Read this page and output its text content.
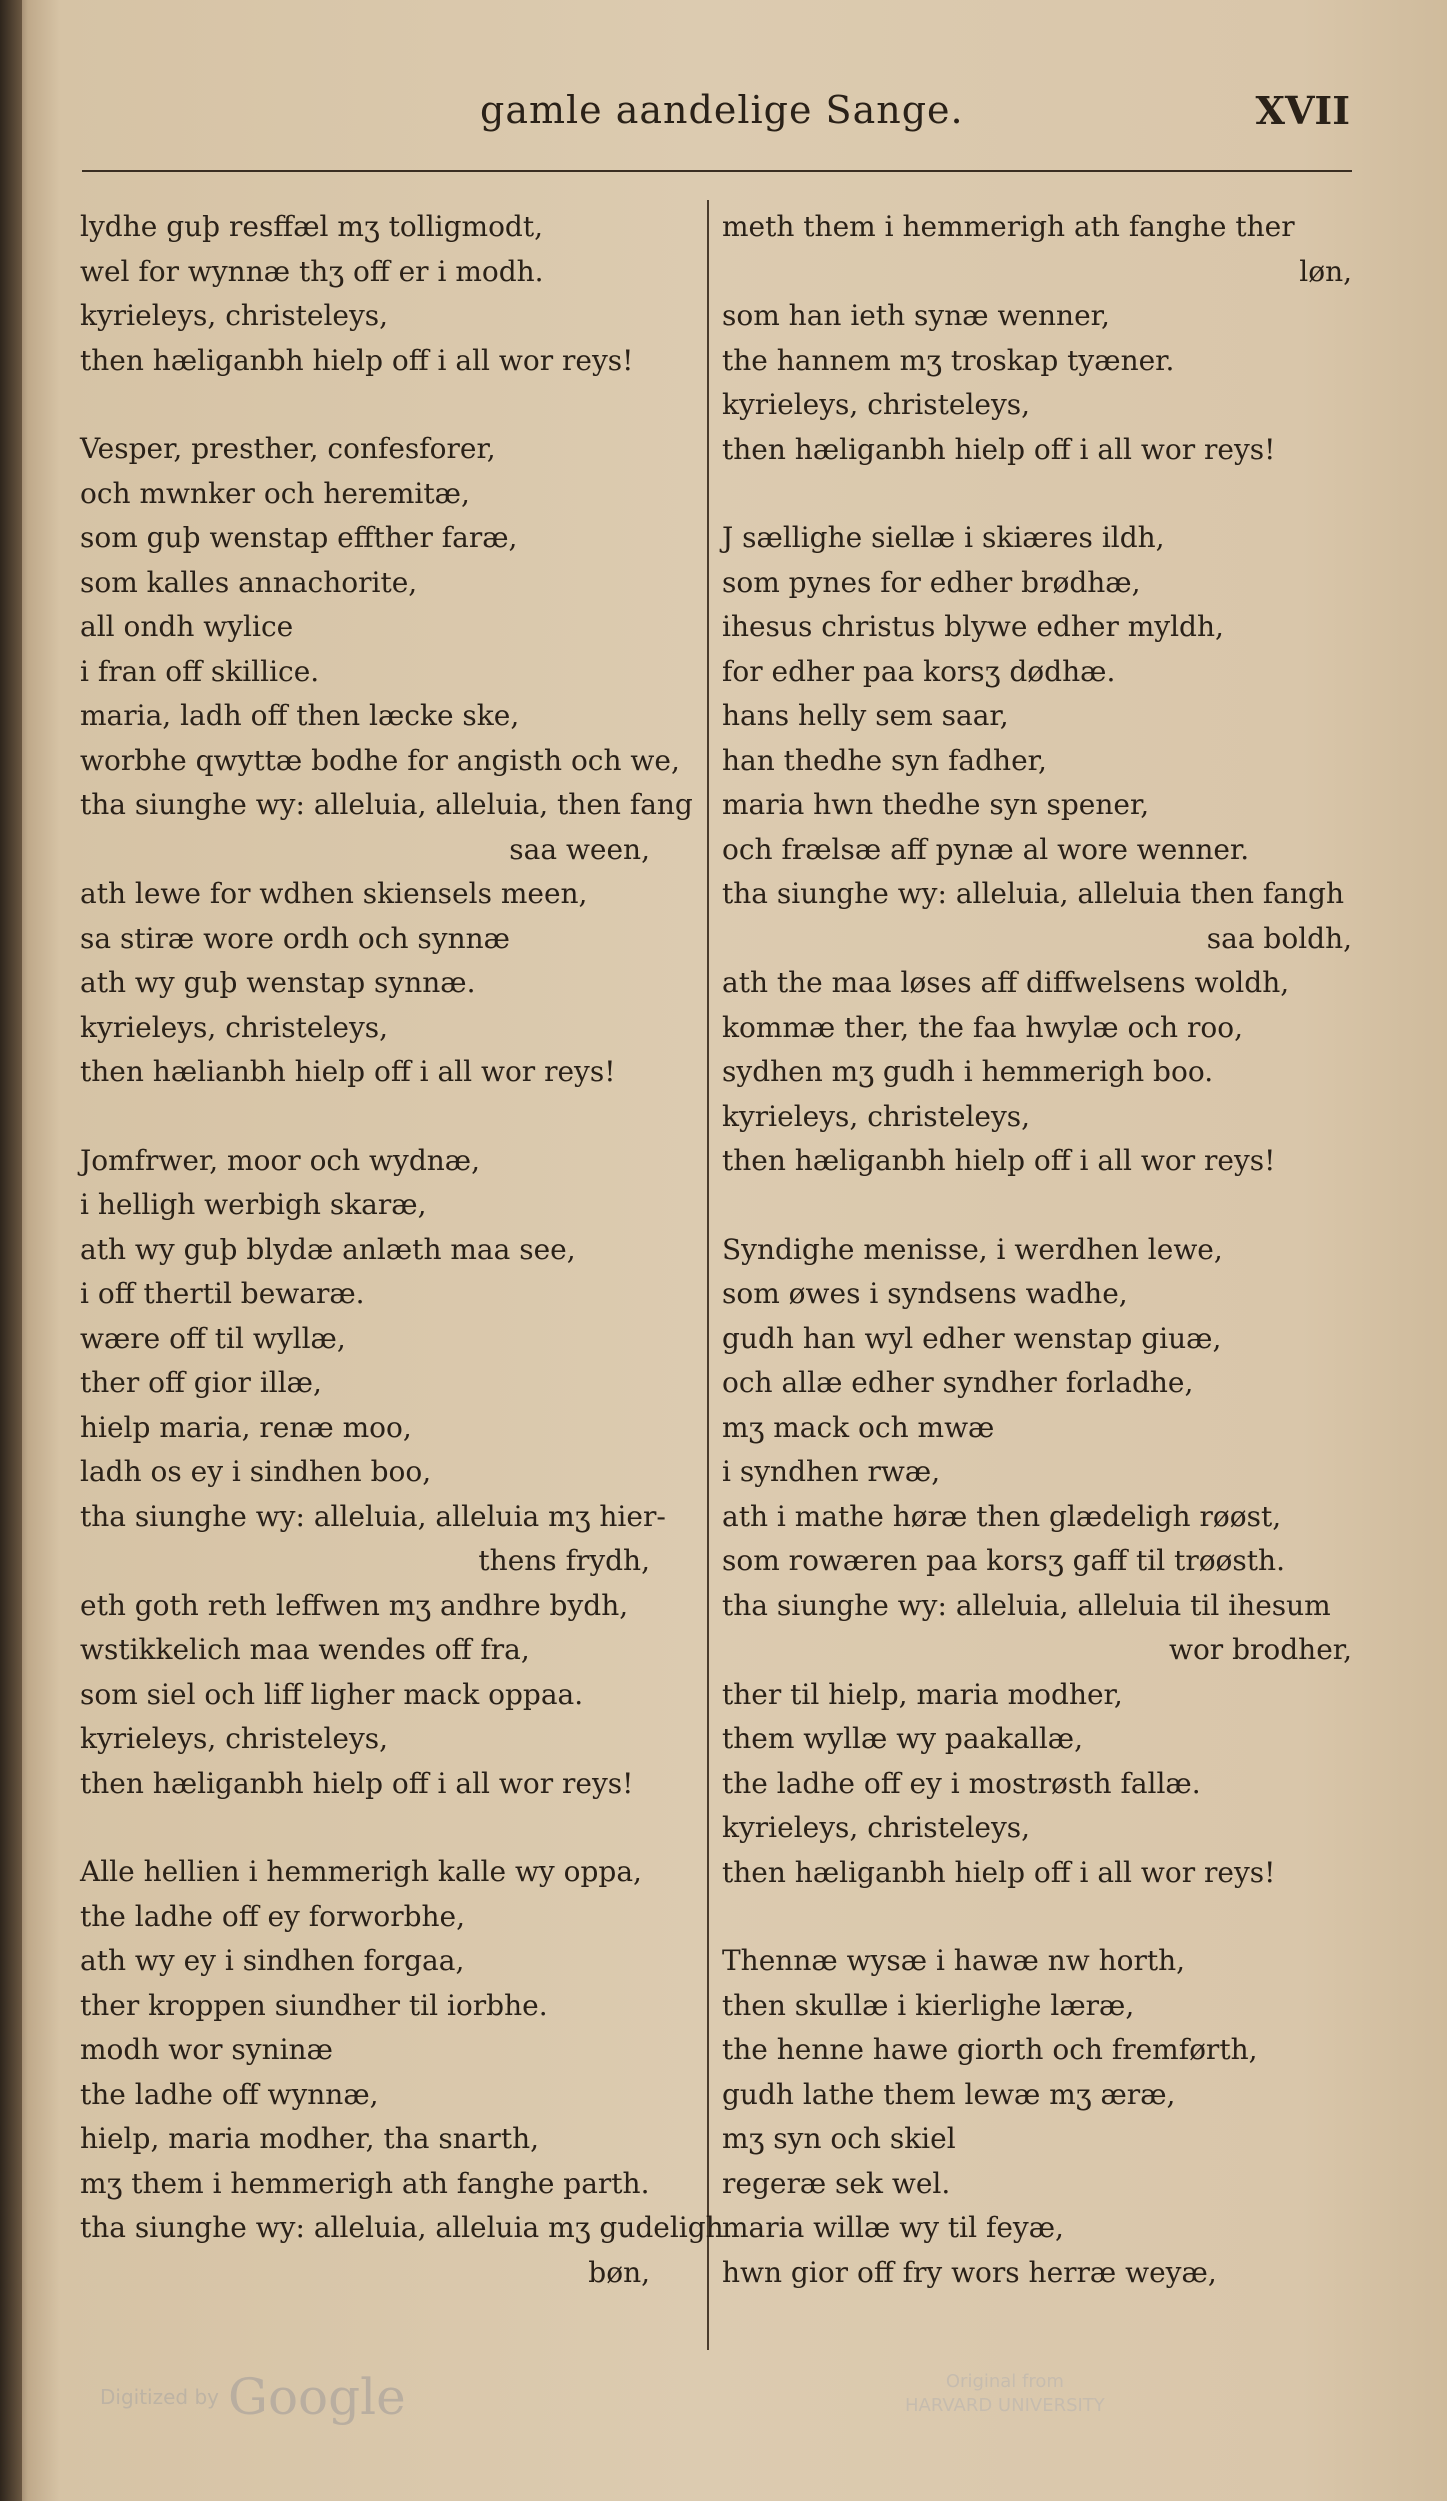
gamle aandelige Sange.	XVII
lydhe guþ resffæl mʒ tolligmodt,
wel for wynnæ thʒ off er i modh.
kyrieleys, christeleys,
then hæliganbh hielp off i all wor reys!
Vesper, presther, confesforer,
och mwnker och heremitæ,
som guþ wenstap effther faræ,
som kalles annachorite,
all ondh wylice
i fran off skillice.
maria, ladh off then læcke ske,
worbhe qwyttæ bodhe for angisth och we,
tha siunghe wy: alleluia, alleluia, then fang
saa ween,
ath lewe for wdhen skiensels meen,
sa stiræ wore ordh och synnæ
ath wy guþ wenstap synnæ.
kyrieleys, christeleys,
then hælianbh hielp off i all wor reys!
Jomfrwer, moor och wydnæ,
i helligh werbigh skaræ,
ath wy guþ blydæ anlæth maa see,
i off thertil bewaræ.
wære off til wyllæ,
ther off gior illæ,
hielp maria, renæ moo,
ladh os ey i sindhen boo,
tha siunghe wy: alleluia, alleluia mʒ hier-
thens frydh,
eth goth reth leffwen mʒ andhre bydh,
wstikkelich maa wendes off fra,
som siel och liff ligher mack oppaa.
kyrieleys, christeleys,
then hæliganbh hielp off i all wor reys!
Alle hellien i hemmerigh kalle wy oppa,
the ladhe off ey forworbhe,
ath wy ey i sindhen forgaa,
ther kroppen siundher til iorbhe.
modh wor syninæ
the ladhe off wynnæ,
hielp, maria modher, tha snarth,
mʒ them i hemmerigh ath fanghe parth.
tha siunghe wy: alleluia, alleluia mʒ gudeligh
bøn,
meth them i hemmerigh ath fanghe ther
løn,
som han ieth synæ wenner,
the hannem mʒ troskap tyæner.
kyrieleys, christeleys,
then hæliganbh hielp off i all wor reys!
J sællighe siellæ i skiæres ildh,
som pynes for edher brødhæ,
ihesus christus blywe edher myldh,
for edher paa korsʒ dødhæ.
hans helly sem saar,
han thedhe syn fadher,
maria hwn thedhe syn spener,
och frælsæ aff pynæ al wore wenner.
tha siunghe wy: alleluia, alleluia then fangh
saa boldh,
ath the maa løses aff diffwelsens woldh,
kommæ ther, the faa hwylæ och roo,
sydhen mʒ gudh i hemmerigh boo.
kyrieleys, christeleys,
then hæliganbh hielp off i all wor reys!
Syndighe menisse, i werdhen lewe,
som øwes i syndsens wadhe,
gudh han wyl edher wenstap giuæ,
och allæ edher syndher forladhe,
mʒ mack och mwæ
i syndhen rwæ,
ath i mathe høræ then glædeligh røøst,
som rowæren paa korsʒ gaff til trøøsth.
tha siunghe wy: alleluia, alleluia til ihesum
wor brodher,
ther til hielp, maria modher,
them wyllæ wy paakallæ,
the ladhe off ey i mostrøsth fallæ.
kyrieleys, christeleys,
then hæliganbh hielp off i all wor reys!
Thennæ wysæ i hawæ nw horth,
then skullæ i kierlighe læræ,
the henne hawe giorth och fremførth,
gudh lathe them lewæ mʒ æræ,
mʒ syn och skiel
regeræ sek wel.
maria willæ wy til feyæ,
hwn gior off fry wors herræ weyæ,
Digitized by Google	Original from
HARVARD UNIVERSITY
